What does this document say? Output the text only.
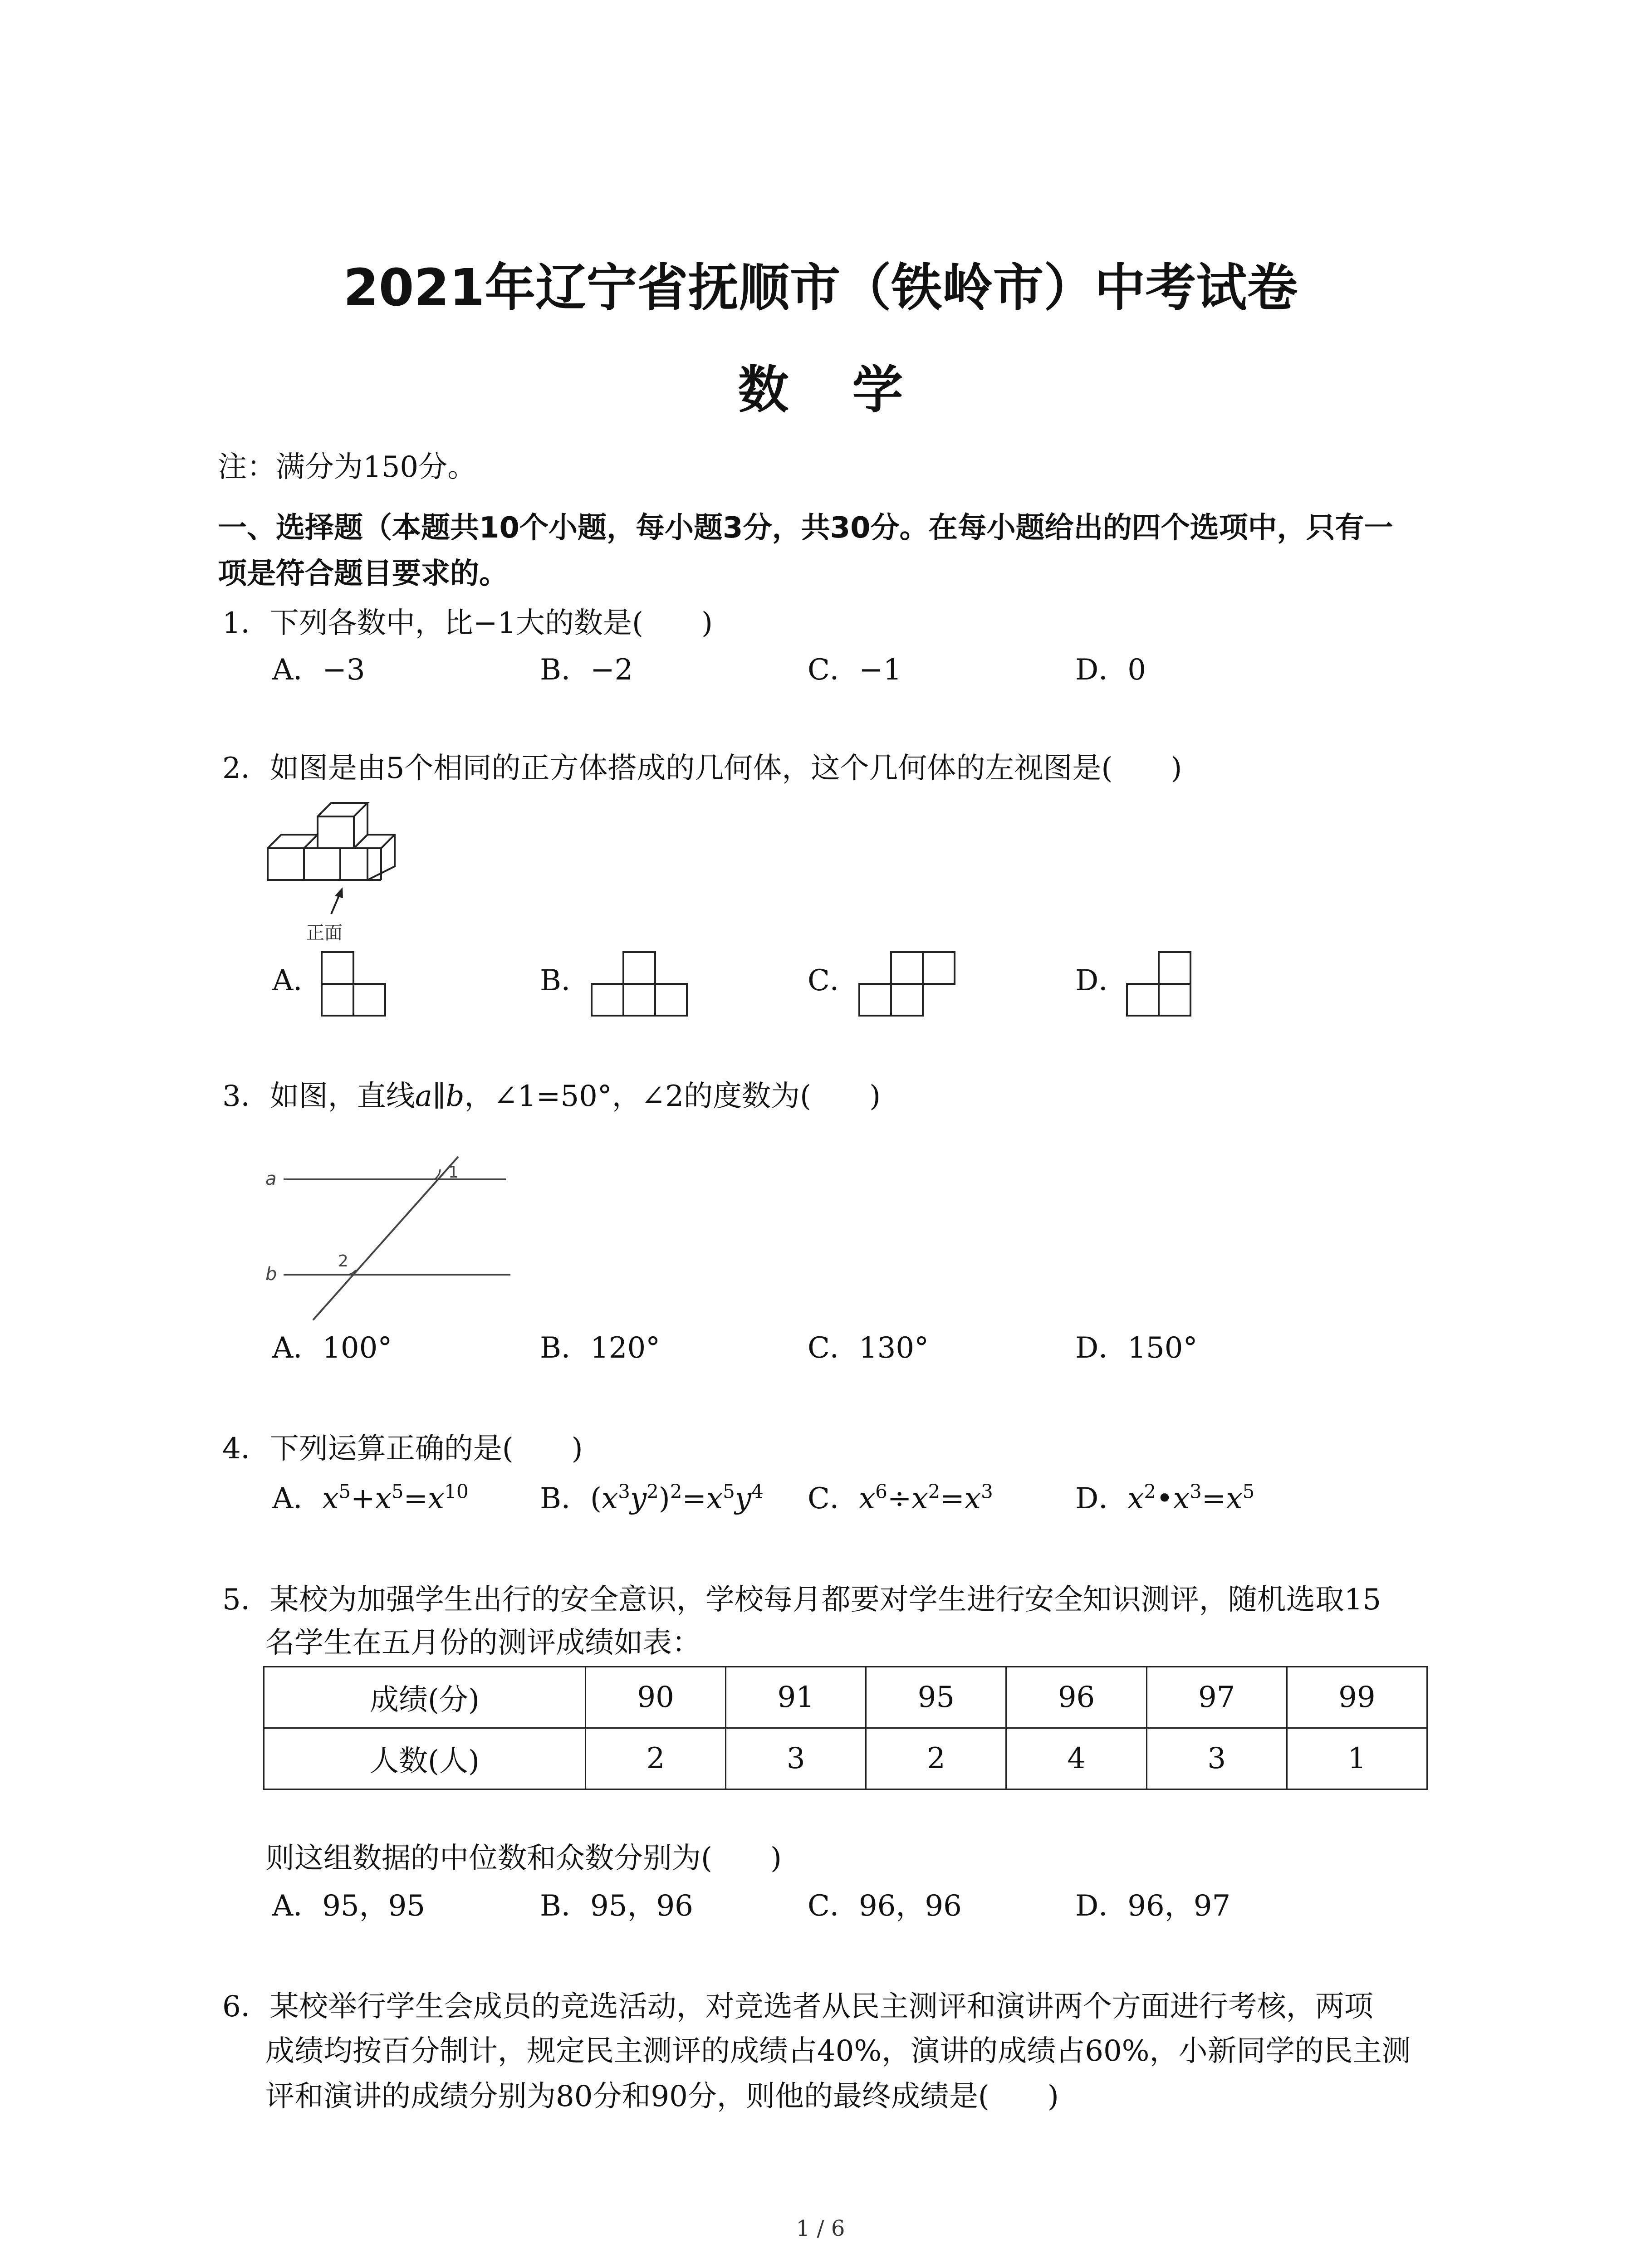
2021年辽宁省抚顺市（铁岭市）中考试卷
数学
注：满分为150分。
一、选择题（本题共10个小题，每小题3分，共30分。在每小题给出的四个选项中，只有一
项是符合题目要求的。
1．下列各数中，比−1大的数是(　　)
A．−3	B．−2	C．−1	D．0
2．如图是由5个相同的正方体搭成的几何体，这个几何体的左视图是(　　)
正面
A．	B．	C．	D．
3．如图，直线a∥b，∠1=50°，∠2的度数为(　　)
a
b
1
2
A．100°	B．120°	C．130°	D．150°
4．下列运算正确的是(　　)
A．$x^5+x^5=x^{10}$ B．$(x^3y^2)^2=x^5y^4$ C．$x^6\div x^2=x^3$	D．$x^2•x^3=x^5$
5．某校为加强学生出行的安全意识，学校每月都要对学生进行安全知识测评，随机选取15
名学生在五月份的测评成绩如表：
成绩(分)	90	91	95	96	97	99
人数(人)	2	3	2	4	3	1
则这组数据的中位数和众数分别为(　　)
A．95，95	B．95，96	C．96，96	D．96，97
6．某校举行学生会成员的竞选活动，对竞选者从民主测评和演讲两个方面进行考核，两项
成绩均按百分制计，规定民主测评的成绩占40%，演讲的成绩占60%，小新同学的民主测
评和演讲的成绩分别为80分和90分，则他的最终成绩是(　　)
1 / 6
